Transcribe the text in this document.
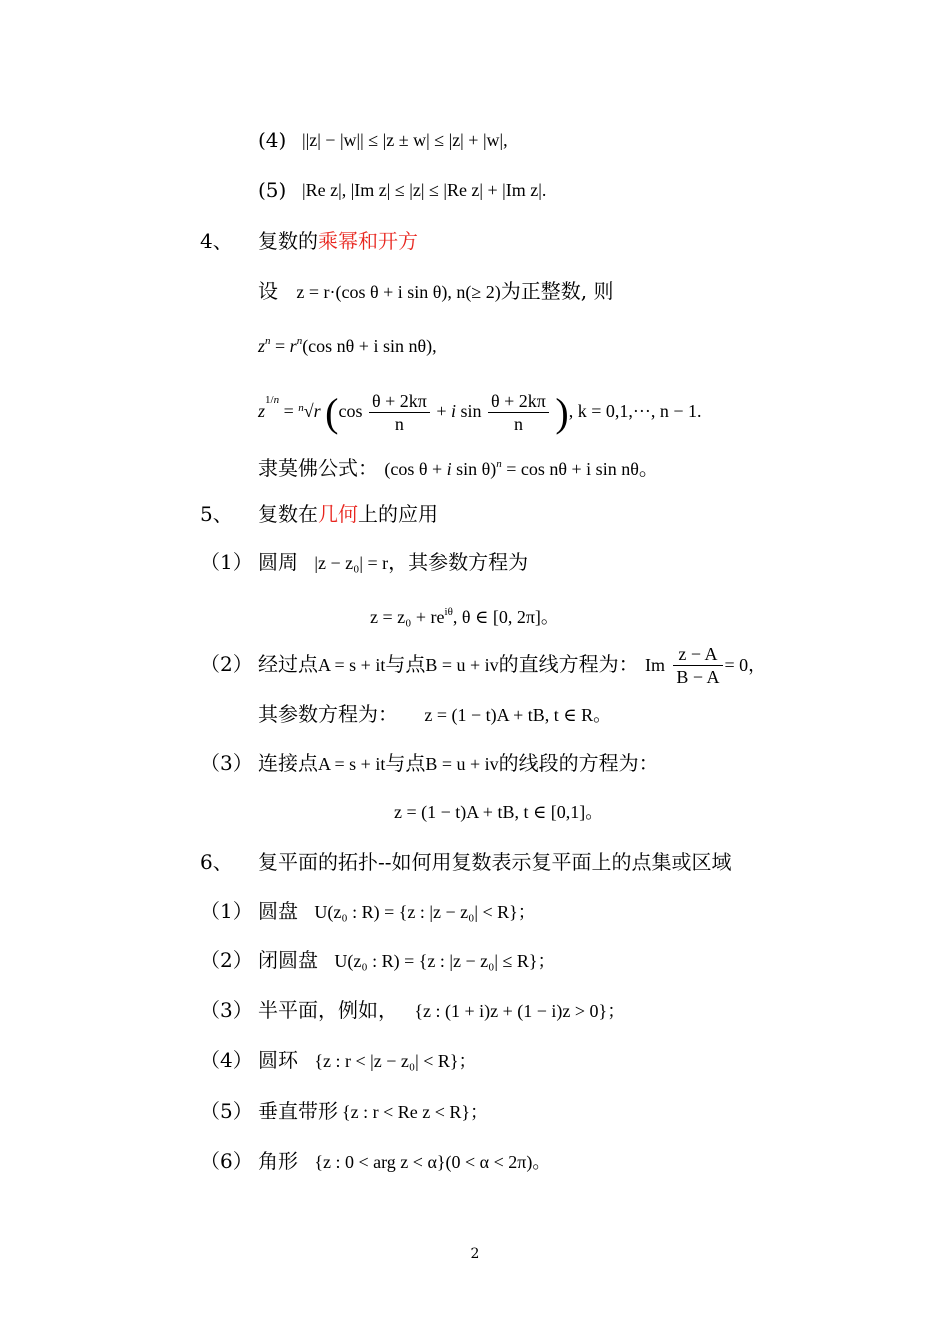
(4) ||z| − |w|| ≤ |z ± w| ≤ |z| + |w|,
(5) |Re z|, |Im z| ≤ |z| ≤ |Re z| + |Im z|.
4、 复数的乘幂和开方
设 z = r·(cos θ + i sin θ), n(≥ 2)为正整数, 则
$z^n = r^n(\cos$ nθ + i sin nθ),
$z^{1/n} = ^n√r$ ($\cos \frac{\theta + 2k\pi}{n} + i$ $\sin \frac{\theta + 2k\pi}{n}$ ), k = 0,1,···, n − 1.
隶莫佛公式： (cos θ + i sin θ)$^n$ = cos nθ + i sin nθ。
5、 复数在几何上的应用
（1） 圆周 |z − z₀| = r，其参数方程为
$z = z_0 + re^{i\theta}$, θ ∈ [0, 2π]。
（2） 经过点A = s + it与点B = u + iv的直线方程为： Im $\frac{z - A}{B - A} = 0$，
其参数方程为： z = (1 − t)A + tB, t ∈ R。
（3） 连接点A = s + it与点B = u + iv的线段的方程为：
z = (1 − t)A + tB, t ∈ [0,1]。
6、 复平面的拓扑--如何用复数表示复平面上的点集或区域
（1） 圆盘 U(z₀ : R) = {z : |z − z₀| < R}；
（2） 闭圆盘 U(z₀ : R) = {z : |z − z₀| ≤ R}；
（3） 半平面，例如， {z : (1 + i)z + (1 − i)z > 0}；
（4） 圆环 {z : r < |z − z₀| < R}；
（5） 垂直带形 {z : r < Re z < R}；
（6） 角形 {z : 0 < arg z < α}(0 < α < 2π)。
2
